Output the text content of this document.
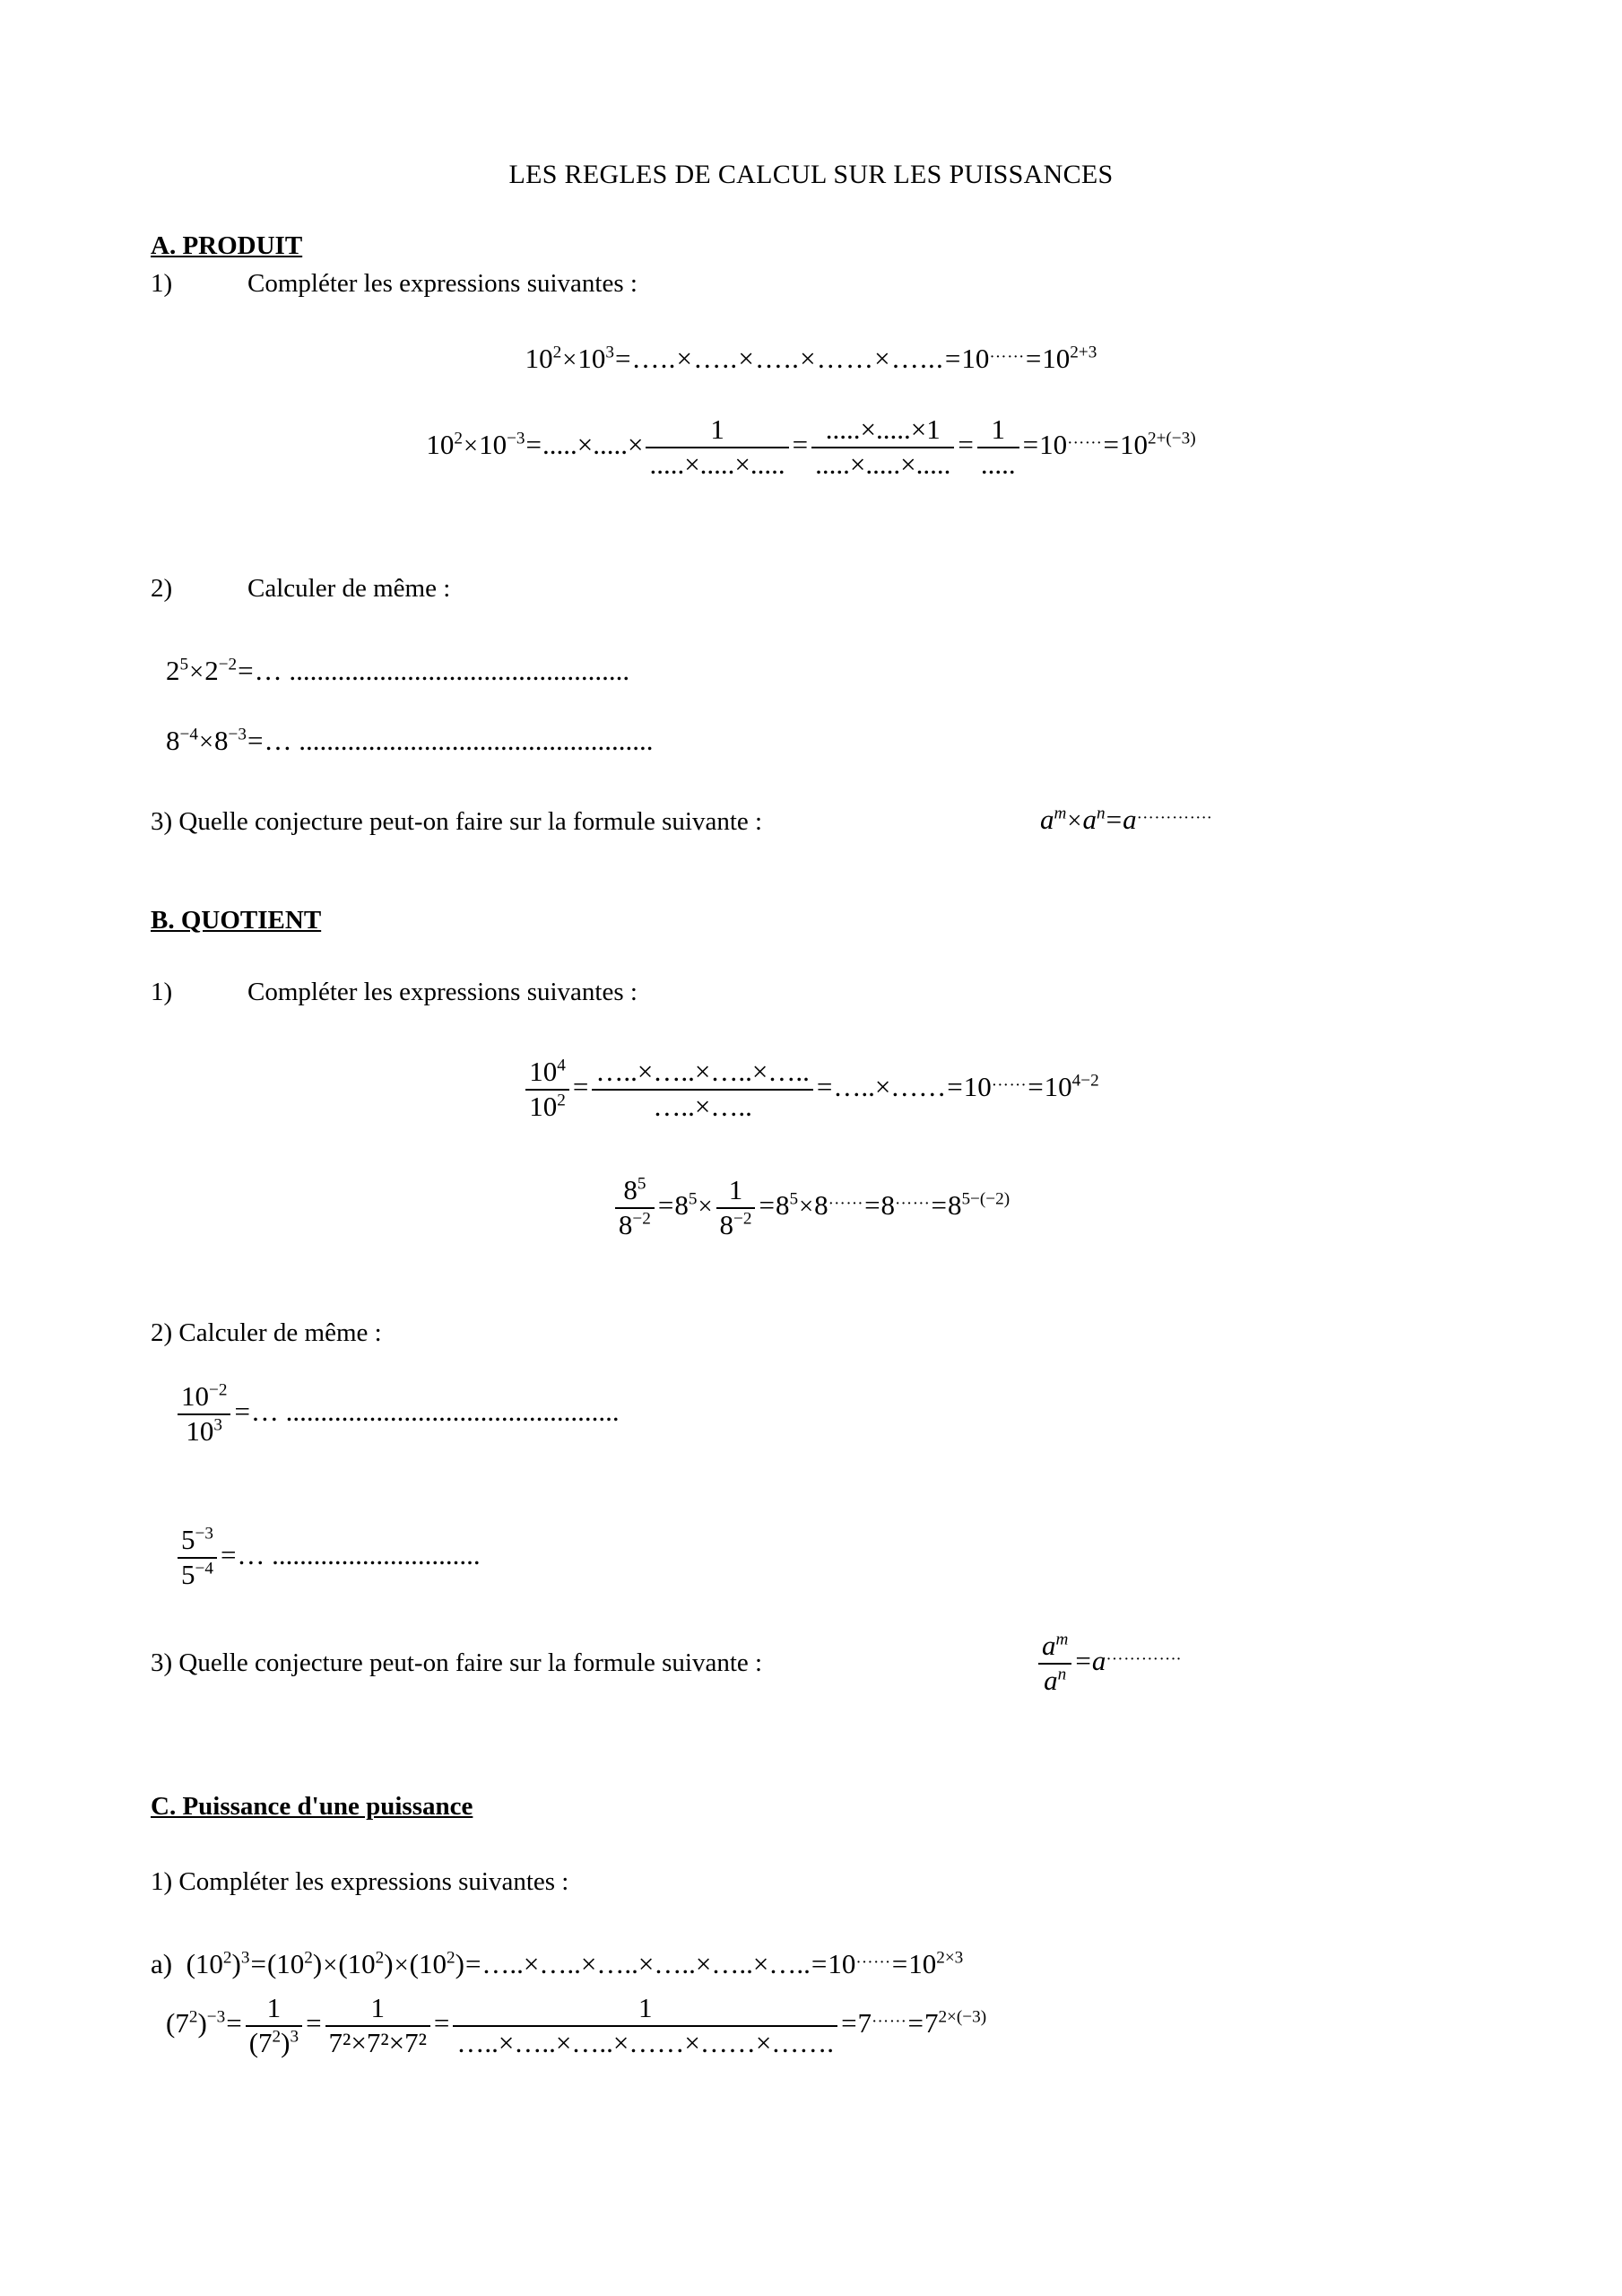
LES REGLES DE CALCUL SUR LES PUISSANCES
A. PRODUIT
1)	Compléter les expressions suivantes :
$10^2\times 10^3=\dots..\times\dots..\times\dots..\times\dots\dots\times\dots...=10^{\dots\dots}=10^{2+3}$
$10^2\times 10^{-3}=.....\times.....\times \frac{1}{.....\times.....\times.....} = \frac{.....\times.....\times 1}{.....\times.....\times.....} = \frac{1}{.....} =10^{\dots\dots}=10^{2+(-3)}$
2)	Calculer de même :
$2^5\times 2^{-2}=\dots$ .................................................
$8^{-4}\times 8^{-3}=\dots$ ...................................................
3) Quelle conjecture peut-on faire sur la formule suivante :	$a^m\times a^n=a^{\dots\dots\dots\dots.}$
B. QUOTIENT
1)	Compléter les expressions suivantes :
$\frac{10^4}{10^2} = \frac{\dots..\times\dots..\times\dots..\times\dots..}{\dots..\times\dots..}$ $=\dots..\times\dots\dots=10^{\dots\dots}=10^{4-2}$
$\frac{8^5}{8^{-2}} =8^5\times \frac{1}{8^{-2}} =8^5\times 8^{\dots\dots}=8^{\dots\dots}=8^{5-(-2)}$
2) Calculer de même :
$\frac{10^{-2}}{10^3}$ =… ................................................
$\frac{5^{-3}}{5^{-4}}$ =… ..............................
3) Quelle conjecture peut-on faire sur la formule suivante :	$\frac{a^m}{a^n} =a^{\dots\dots\dots\dots.}$
C. Puissance d'une puissance
1) Compléter les expressions suivantes :
a) $(10^2)^3=(10^2)\times(10^2)\times(10^2)=\dots..\times\dots..\times\dots..\times\dots..\times\dots..\times\dots..=10^{\dots\dots}=10^{2\times 3}$
$(7^2)^{-3}= \frac{1}{(7^2)^3} = \frac{1}{\text{7²×7²×7²}} = \frac{1}{\dots..\times\dots..\times\dots..\times\dots\dots\times\dots\dots\times\dots\dots.} =7^{\dots\dots}=7^{2\times(-3)}$
